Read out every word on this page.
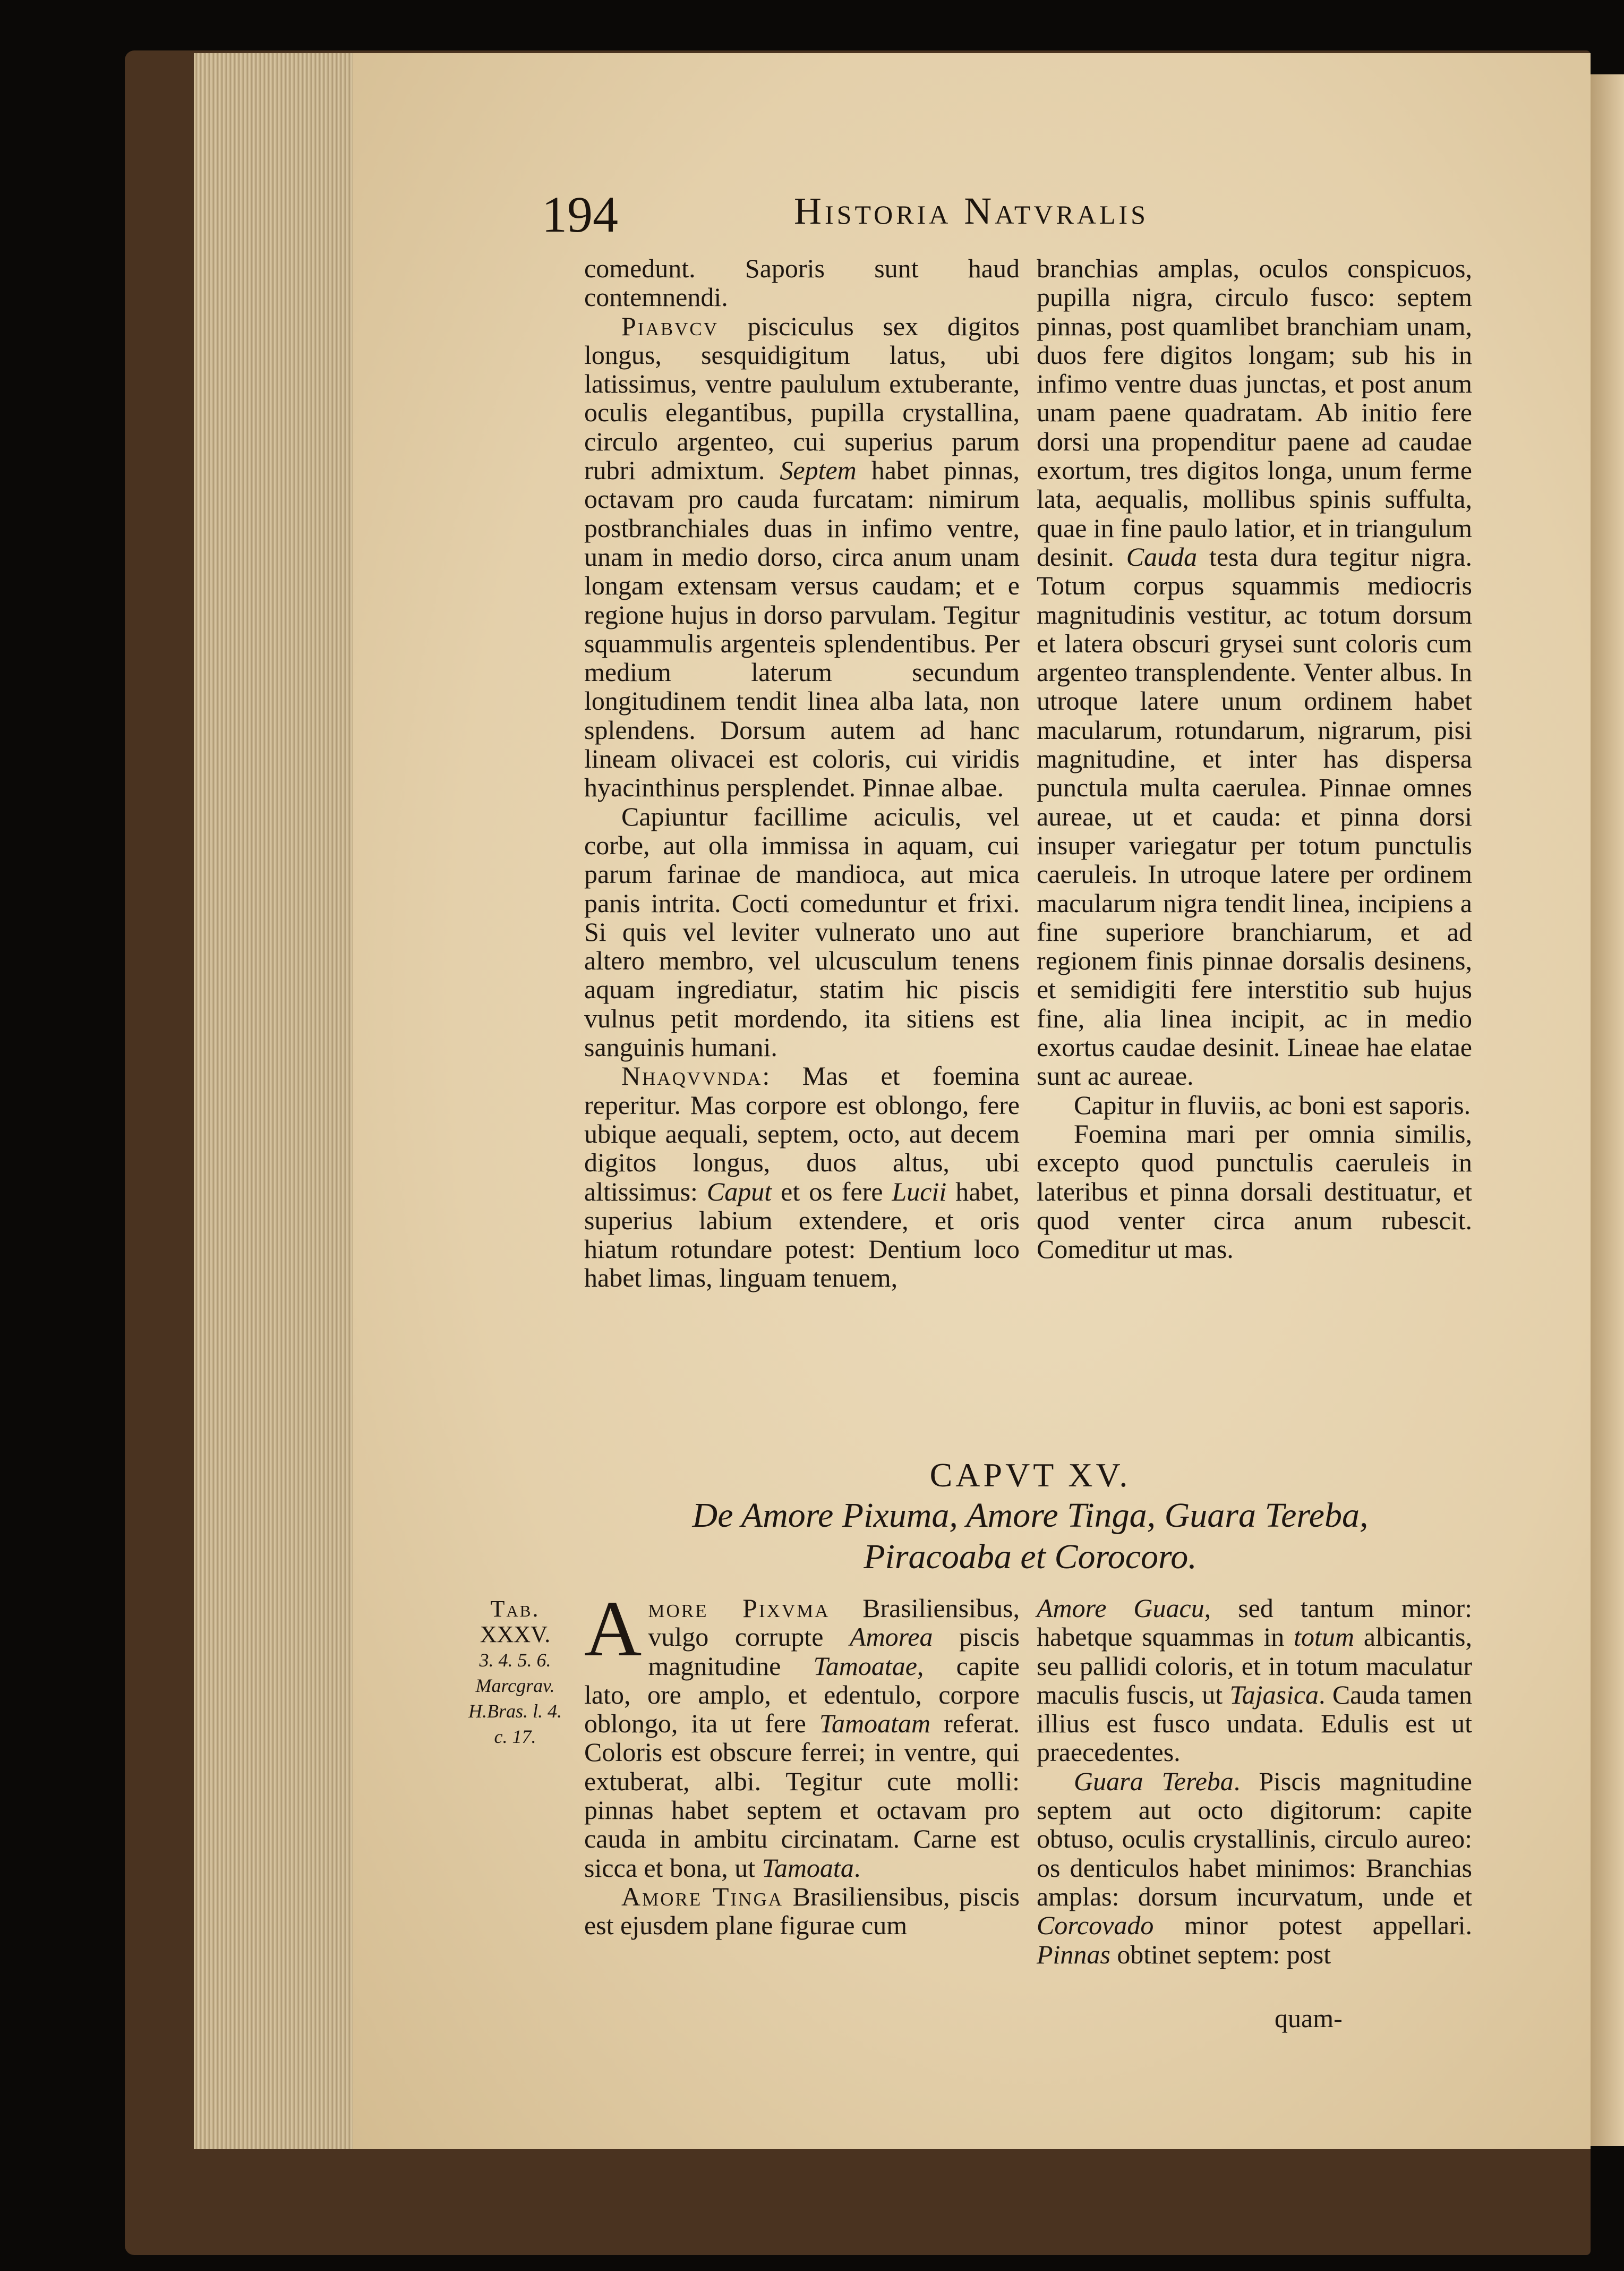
194	Historia Natvralis

comedunt. Saporis sunt haud contemnendi.

Piabvcv pisciculus sex digitos longus, sesquidigitum latus, ubi latissimus, ventre paululum extuberante, oculis elegantibus, pupilla crystallina, circulo argenteo, cui superius parum rubri admixtum. Septem habet pinnas, octavam pro cauda furcatam: nimirum postbranchiales duas in infimo ventre, unam in medio dorso, circa anum unam longam extensam versus caudam; et e regione hujus in dorso parvulam. Tegitur squammulis argenteis splendentibus. Per medium laterum secundum longitudinem tendit linea alba lata, non splendens. Dorsum autem ad hanc lineam olivacei est coloris, cui viridis hyacinthinus persplendet. Pinnae albae.

Capiuntur facillime aciculis, vel corbe, aut olla immissa in aquam, cui parum farinae de mandioca, aut mica panis intrita. Cocti comeduntur et frixi. Si quis vel leviter vulnerato uno aut altero membro, vel ulcusculum tenens aquam ingrediatur, statim hic piscis vulnus petit mordendo, ita sitiens est sanguinis humani.

Nhaqvvnda: Mas et foemina reperitur. Mas corpore est oblongo, fere ubique aequali, septem, octo, aut decem digitos longus, duos altus, ubi altissimus: Caput et os fere Lucii habet, superius labium extendere, et oris hiatum rotundare potest: Dentium loco habet limas, linguam tenuem,

branchias amplas, oculos conspicuos, pupilla nigra, circulo fusco: septem pinnas, post quamlibet branchiam unam, duos fere digitos longam; sub his in infimo ventre duas junctas, et post anum unam paene quadratam. Ab initio fere dorsi una propenditur paene ad caudae exortum, tres digitos longa, unum ferme lata, aequalis, mollibus spinis suffulta, quae in fine paulo latior, et in triangulum desinit. Cauda testa dura tegitur nigra. Totum corpus squammis mediocris magnitudinis vestitur, ac totum dorsum et latera obscuri grysei sunt coloris cum argenteo transplendente. Venter albus. In utroque latere unum ordinem habet macularum, rotundarum, nigrarum, pisi magnitudine, et inter has dispersa punctula multa caerulea. Pinnae omnes aureae, ut et cauda: et pinna dorsi insuper variegatur per totum punctulis caeruleis. In utroque latere per ordinem macularum nigra tendit linea, incipiens a fine superiore branchiarum, et ad regionem finis pinnae dorsalis desinens, et semidigiti fere interstitio sub hujus fine, alia linea incipit, ac in medio exortus caudae desinit. Lineae hae elatae sunt ac aureae.

Capitur in fluviis, ac boni est saporis.

Foemina mari per omnia similis, excepto quod punctulis caeruleis in lateribus et pinna dorsali destituatur, et quod venter circa anum rubescit. Comeditur ut mas.

CAPVT XV.
De Amore Pixuma, Amore Tinga, Guara Tereba,
Piracoaba et Corocoro.
Tab.
XXXV.
3. 4. 5. 6.
Marcgrav.
H.Bras. l. 4.
c. 17.

Amore Pixvma Brasiliensibus, vulgo corrupte Amorea piscis magnitudine Tamoatae, capite lato, ore amplo, et edentulo, corpore oblongo, ita ut fere Tamoatam referat. Coloris est obscure ferrei; in ventre, qui extuberat, albi. Tegitur cute molli: pinnas habet septem et octavam pro cauda in ambitu circinatam. Carne est sicca et bona, ut Tamoata.

Amore Tinga Brasiliensibus, piscis est ejusdem plane figurae cum

Amore Guacu, sed tantum minor: habetque squammas in totum albicantis, seu pallidi coloris, et in totum maculatur maculis fuscis, ut Tajasica. Cauda tamen illius est fusco undata. Edulis est ut praecedentes.

Guara Tereba. Piscis magnitudine septem aut octo digitorum: capite obtuso, oculis crystallinis, circulo aureo: os denticulos habet minimos: Branchias amplas: dorsum incurvatum, unde et Corcovado minor potest appellari. Pinnas obtinet septem: post

quam-
